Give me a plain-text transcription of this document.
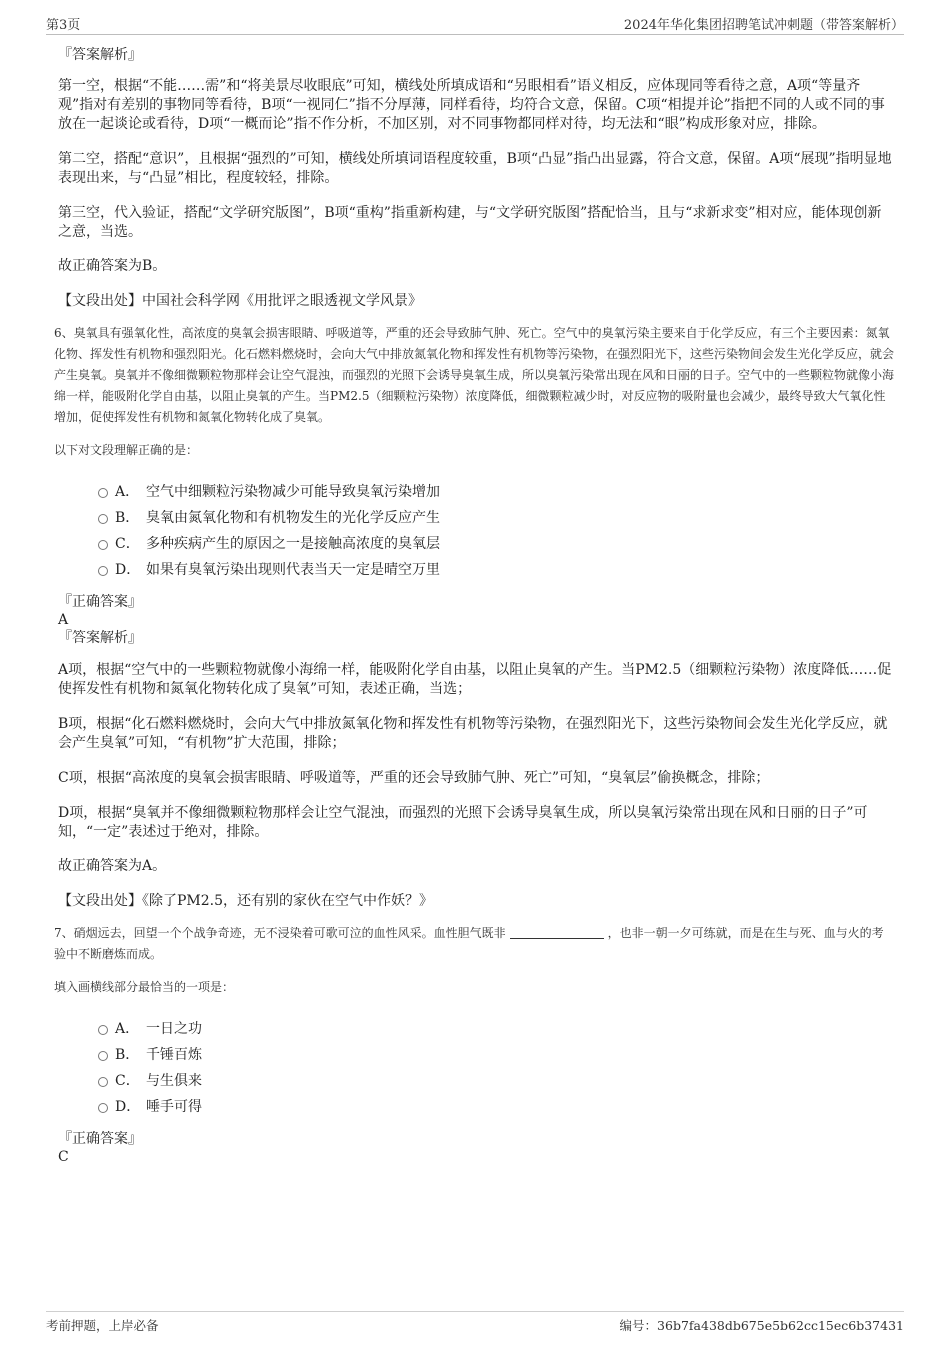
第3页	2024年华化集团招聘笔试冲刺题（带答案解析）
『答案解析』

第一空，根据“不能……需”和“将美景尽收眼底”可知，横线处所填成语和“另眼相看”语义相反，应体现同等看待之意，A项“等量齐观”指对有差别的事物同等看待，B项“一视同仁”指不分厚薄，同样看待，均符合文意，保留。C项“相提并论”指把不同的人或不同的事放在一起谈论或看待，D项“一概而论”指不作分析，不加区别，对不同事物都同样对待，均无法和“眼”构成形象对应，排除。

第二空，搭配“意识”，且根据“强烈的”可知，横线处所填词语程度较重，B项“凸显”指凸出显露，符合文意，保留。A项“展现”指明显地表现出来，与“凸显”相比，程度较轻，排除。

第三空，代入验证，搭配“文学研究版图”，B项“重构”指重新构建，与“文学研究版图”搭配恰当，且与“求新求变”相对应，能体现创新之意，当选。

故正确答案为B。

【文段出处】中国社会科学网《用批评之眼透视文学风景》

6、臭氧具有强氧化性，高浓度的臭氧会损害眼睛、呼吸道等，严重的还会导致肺气肿、死亡。空气中的臭氧污染主要来自于化学反应，有三个主要因素：氮氧化物、挥发性有机物和强烈阳光。化石燃料燃烧时，会向大气中排放氮氧化物和挥发性有机物等污染物，在强烈阳光下，这些污染物间会发生光化学反应，就会产生臭氧。臭氧并不像细微颗粒物那样会让空气混浊，而强烈的光照下会诱导臭氧生成，所以臭氧污染常出现在风和日丽的日子。空气中的一些颗粒物就像小海绵一样，能吸附化学自由基，以阻止臭氧的产生。当PM2.5（细颗粒污染物）浓度降低，细微颗粒减少时，对反应物的吸附量也会减少，最终导致大气氧化性增加，促使挥发性有机物和氮氧化物转化成了臭氧。

以下对文段理解正确的是：

A． 空气中细颗粒污染物减少可能导致臭氧污染增加
B． 臭氧由氮氧化物和有机物发生的光化学反应产生
C． 多种疾病产生的原因之一是接触高浓度的臭氧层
D． 如果有臭氧污染出现则代表当天一定是晴空万里
『正确答案』
A
『答案解析』

A项，根据“空气中的一些颗粒物就像小海绵一样，能吸附化学自由基，以阻止臭氧的产生。当PM2.5（细颗粒污染物）浓度降低……促使挥发性有机物和氮氧化物转化成了臭氧”可知，表述正确，当选；

B项，根据“化石燃料燃烧时，会向大气中排放氮氧化物和挥发性有机物等污染物，在强烈阳光下，这些污染物间会发生光化学反应，就会产生臭氧”可知，“有机物”扩大范围，排除；

C项，根据“高浓度的臭氧会损害眼睛、呼吸道等，严重的还会导致肺气肿、死亡”可知，“臭氧层”偷换概念，排除；

D项，根据“臭氧并不像细微颗粒物那样会让空气混浊，而强烈的光照下会诱导臭氧生成，所以臭氧污染常出现在风和日丽的日子”可知，“一定”表述过于绝对，排除。

故正确答案为A。

【文段出处】《除了PM2.5，还有别的家伙在空气中作妖？》

7、硝烟远去，回望一个个战争奇迹，无不浸染着可歌可泣的血性风采。血性胆气既非	，也非一朝一夕可练就，而是在生与死、血与火的考验中不断磨炼而成。

填入画横线部分最恰当的一项是：

A． 一日之功
B． 千锤百炼
C． 与生俱来
D． 唾手可得
『正确答案』
C
考前押题，上岸必备	编号：36b7fa438db675e5b62cc15ec6b37431
